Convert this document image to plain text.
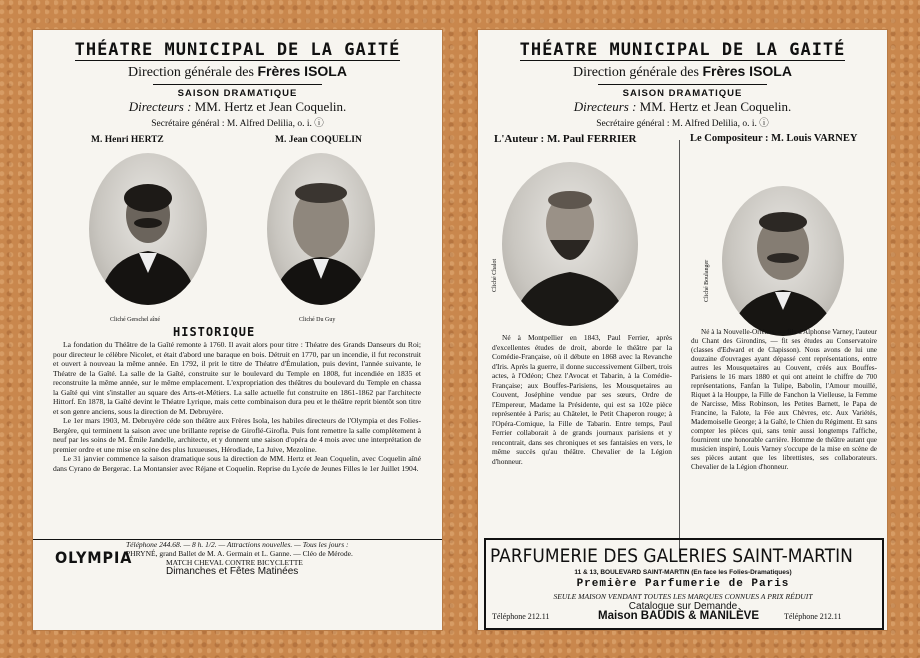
THÉATRE MUNICIPAL DE LA GAITÉ
Direction générale des Frères ISOLA
SAISON DRAMATIQUE
Directeurs : MM. Hertz et Jean Coquelin.
Secrétaire général : M. Alfred Delilia, o. i. ⓘ
M. Henri HERTZ	M. Jean COQUELIN
Cliché Gerschel aîné	Cliché Du Guy
HISTORIQUE

La fondation du Théâtre de la Gaîté remonte à 1760. Il avait alors pour titre : Théatre des Grands Danseurs du Roi; pour directeur le célèbre Nicolet, et était d'abord une baraque en bois. Détruit en 1770, par un incendie, il fut reconstruit et ouvert à nouveau la même année. En 1792, il prit le titre de Théatre d'Émulation, puis devint, l'année suivante, le Théatre de la Gaîté. La salle de la Gaîté, construite sur le boulevard du Temple en 1808, fut incendiée en 1835 et reconstruite la même année, sur le même emplacement. L'expropriation des théâtres du boulevard du Temple en chassa la Gaîté qui vint s'installer au square des Arts-et-Métiers. La salle actuelle fut construite en 1861-1862 par l'architecte Hittorf. En 1878, la Gaîté devint le Théatre Lyrique, mais cette combinaison dura peu et le théâtre reprit bientôt son titre et son genre anciens, sous la direction de M. Debruyère.

Le 1er mars 1903, M. Debruyère céde son théâtre aux Frères Isola, les habiles directeurs de l'Olympia et des Folies-Bergère, qui terminent la saison avec une brillante reprise de Giroflé-Girofla. Puis font remettre la salle complètement à neuf par les soins de M. Émile Jandelle, architecte, et y donnent une saison d'opéra de 4 mois avec une interprétation de premier ordre et une mise en scène des plus luxueuses, Hérodiade, La Juive, Mezoline.

Le 31 janvier commence la saison dramatique sous la direction de MM. Hertz et Jean Coquelin, avec Coquelin aîné dans Cyrano de Bergerac. La Montansier avec Réjane et Coquelin. Reprise du Lycée de Jeunes Filles le 1er Juillet 1904.

OLYMPIA
Téléphone 244.68. — 8 h. 1/2. — Attractions nouvelles. — Tous les jours :
PHRYNÉ, grand Ballet de M. A. Germain et L. Ganne. — Cléo de Mérode.
MATCH CHEVAL CONTRE BICYCLETTE
Dimanches et Fêtes Matinées
THÉATRE MUNICIPAL DE LA GAITÉ
Direction générale des Frères ISOLA
SAISON DRAMATIQUE
Directeurs : MM. Hertz et Jean Coquelin.
Secrétaire général : M. Alfred Delilia, o. i. ⓘ
L'Auteur : M. Paul FERRIER	Le Compositeur : M. Louis VARNEY
Cliché Chalot	Cliché Boulanger

Né à Montpellier en 1843, Paul Ferrier, après d'excellentes études de droit, aborde le théâtre par la Comédie-Française, où il débute en 1868 avec la Revanche d'Iris. Après la guerre, il donne successivement Gilbert, trois actes, à l'Odéon; Chez l'Avocat et Tabarin, à la Comédie-Française; aux Bouffes-Parisiens, les Mousquetaires au Couvent, Joséphine vendue par ses sœurs, Ordre de l'Empereur, Madame la Présidente, qui est sa 102e pièce représentée à Paris; au Châtelet, le Petit Chaperon rouge; à l'Opéra-Comique, la Fille de Tabarin. Entre temps, Paul Ferrier collaborait à de grands journaux parisiens et y rencontrait, dans ses chroniques et ses fantaisies en vers, le même succès qu'au théâtre. Chevalier de la Légion d'honneur.

Né à la Nouvelle-Orléans, — fils d'Alphonse Varney, l'auteur du Chant des Girondins, — fit ses études au Conservatoire (classes d'Edward et de Clapisson). Nous avons de lui une douzaine d'ouvrages ayant dépassé cent représentations, entre autres les Mousquetaires au Couvent, créés aux Bouffes-Parisiens le 16 mars 1880 et qui ont atteint le chiffre de 700 représentations, Fanfan la Tulipe, Babolin, l'Amour mouillé, Riquet à la Houppe, la Fille de Fanchon la Vielleuse, la Femme de Narcisse, Miss Robinson, les Petites Barnett, le Papa de Francine, la Falote, la Fée aux Chèvres, etc. Aux Variétés, Mademoiselle George; à la Gaîté, le Chien du Régiment. Et sans compter les pièces qui, sans tenir aussi longtemps l'affiche, fournirent une honorable carrière. Homme de théâtre autant que musicien inspiré, Louis Varney s'occupe de la mise en scène de ses pièces autant que les librettistes, ses collaborateurs. Chevalier de la Légion d'honneur.

PARFUMERIE DES GALERIES SAINT-MARTIN
11 & 13, BOULEVARD SAINT-MARTIN (En face les Folies-Dramatiques)
Première Parfumerie de Paris
SEULE MAISON VENDANT TOUTES LES MARQUES CONNUES A PRIX RÉDUIT
Catalogue sur Demande
Téléphone 212.11	Maison BAUDIS & MANILÈVE	Téléphone 212.11
